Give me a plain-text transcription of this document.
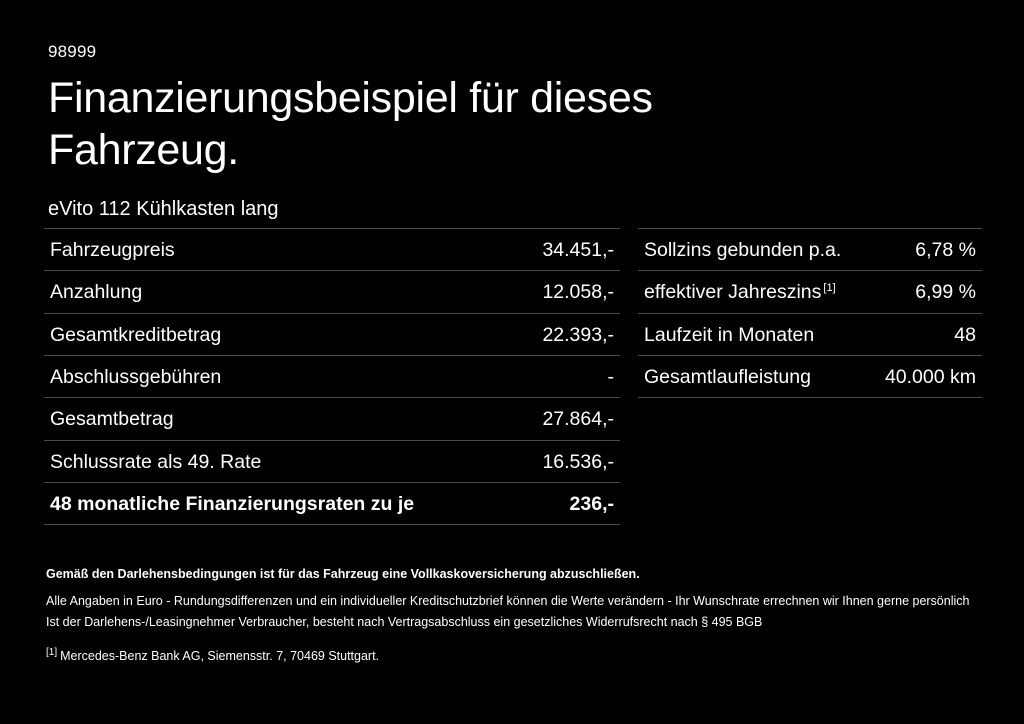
98999
Finanzierungsbeispiel für dieses Fahrzeug.
eVito 112 Kühlkasten lang
Fahrzeugpreis	34.451,-
Anzahlung	12.058,-
Gesamtkreditbetrag	22.393,-
Abschlussgebühren	-
Gesamtbetrag	27.864,-
Schlussrate als 49. Rate	16.536,-
48 monatliche Finanzierungsraten zu je	236,-
Sollzins gebunden p.a.	6,78 %
effektiver Jahreszins [1]	6,99 %
Laufzeit in Monaten	48
Gesamtlaufleistung	40.000 km
Gemäß den Darlehensbedingungen ist für das Fahrzeug eine Vollkaskoversicherung abzuschließen.
Alle Angaben in Euro - Rundungsdifferenzen und ein individueller Kreditschutzbrief können die Werte verändern - Ihr Wunschrate errechnen wir Ihnen gerne persönlich
Ist der Darlehens-/Leasingnehmer Verbraucher, besteht nach Vertragsabschluss ein gesetzliches Widerrufsrecht nach § 495 BGB
[1] Mercedes-Benz Bank AG, Siemensstr. 7, 70469 Stuttgart.
